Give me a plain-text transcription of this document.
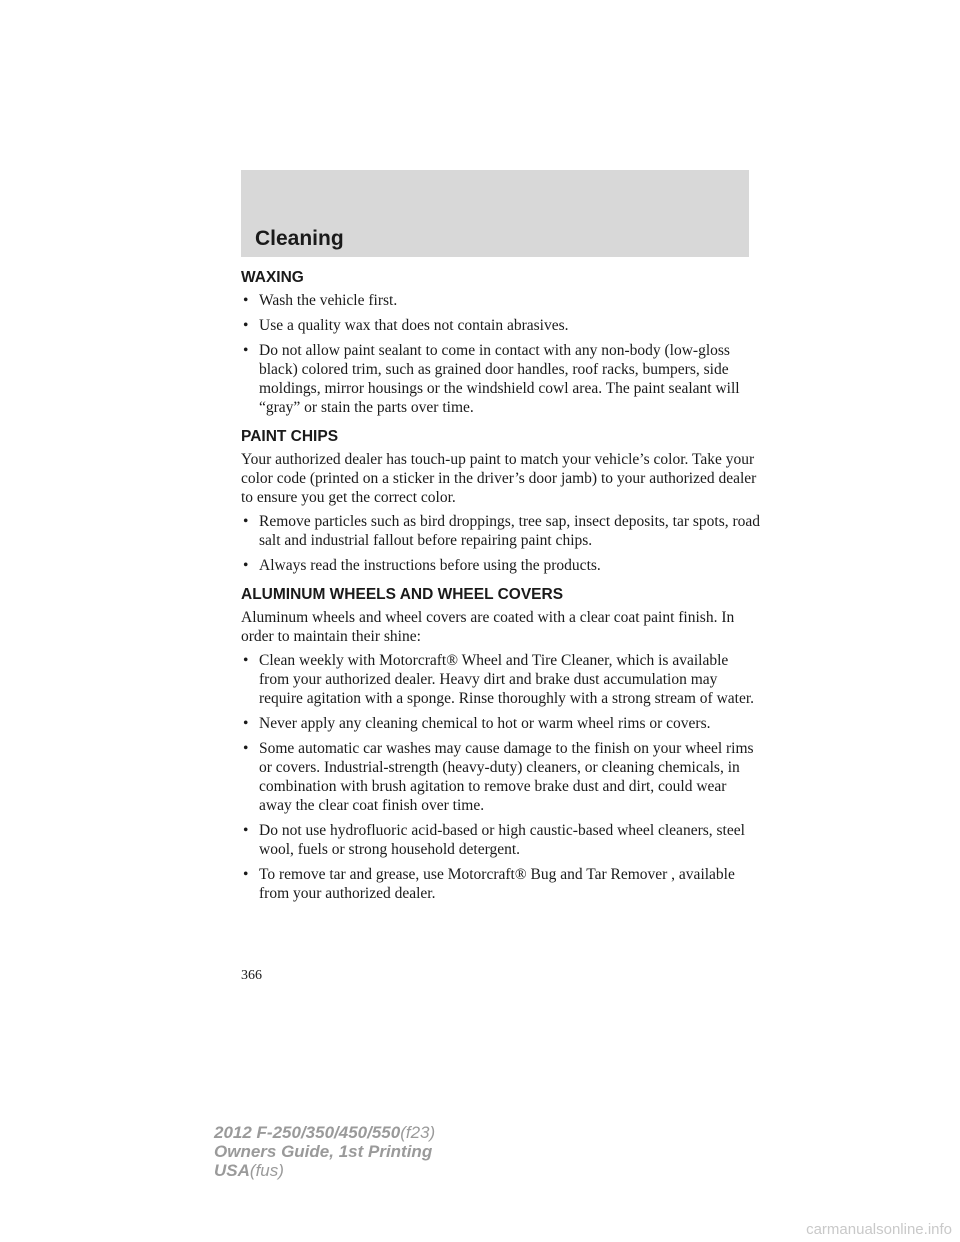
Cleaning
WAXING
• Wash the vehicle first.
• Use a quality wax that does not contain abrasives.
• Do not allow paint sealant to come in contact with any non-body (low-gloss black) colored trim, such as grained door handles, roof racks, bumpers, side moldings, mirror housings or the windshield cowl area. The paint sealant will “gray” or stain the parts over time.
PAINT CHIPS

Your authorized dealer has touch-up paint to match your vehicle’s color. Take your color code (printed on a sticker in the driver’s door jamb) to your authorized dealer to ensure you get the correct color.

• Remove particles such as bird droppings, tree sap, insect deposits, tar spots, road salt and industrial fallout before repairing paint chips.
• Always read the instructions before using the products.
ALUMINUM WHEELS AND WHEEL COVERS

Aluminum wheels and wheel covers are coated with a clear coat paint finish. In order to maintain their shine:

• Clean weekly with Motorcraft® Wheel and Tire Cleaner, which is available from your authorized dealer. Heavy dirt and brake dust accumulation may require agitation with a sponge. Rinse thoroughly with a strong stream of water.
• Never apply any cleaning chemical to hot or warm wheel rims or covers.
• Some automatic car washes may cause damage to the finish on your wheel rims or covers. Industrial-strength (heavy-duty) cleaners, or cleaning chemicals, in combination with brush agitation to remove brake dust and dirt, could wear away the clear coat finish over time.
• Do not use hydrofluoric acid-based or high caustic-based wheel cleaners, steel wool, fuels or strong household detergent.
• To remove tar and grease, use Motorcraft® Bug and Tar Remover , available from your authorized dealer.

366

2012 F-250/350/450/550(f23)
Owners Guide, 1st Printing
USA(fus)
carmanualsonline.info
